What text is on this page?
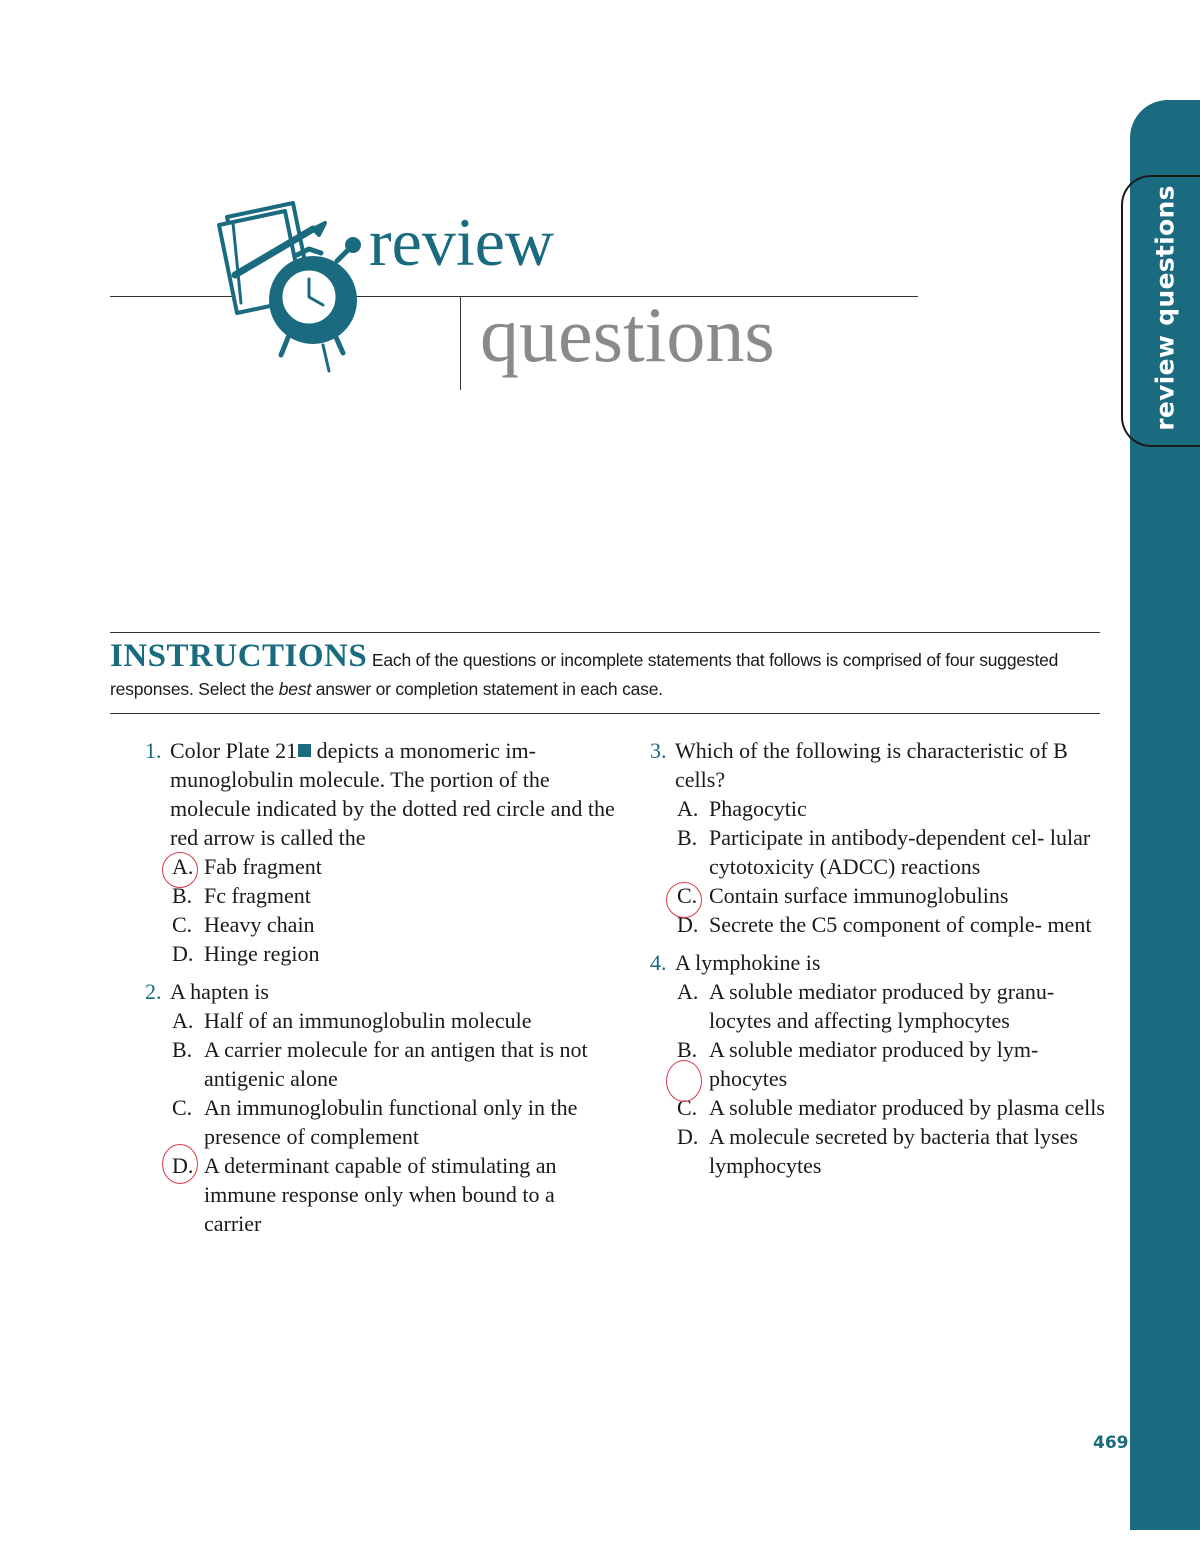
review questions
review
questions
INSTRUCTIONS Each of the questions or incomplete statements that follows is comprised of four suggested responses. Select the best answer or completion statement in each case.
1. Color Plate 21 depicts a monomeric im- munoglobulin molecule. The portion of the molecule indicated by the dotted red circle and the red arrow is called the
A. Fab fragment
B. Fc fragment
C. Heavy chain
D. Hinge region
2. A hapten is
A. Half of an immunoglobulin molecule
B. A carrier molecule for an antigen that is not antigenic alone
C. An immunoglobulin functional only in the presence of complement
D. A determinant capable of stimulating an immune response only when bound to a carrier
3. Which of the following is characteristic of B cells?
A. Phagocytic
B. Participate in antibody-dependent cel- lular cytotoxicity (ADCC) reactions
C. Contain surface immunoglobulins
D. Secrete the C5 component of comple- ment
4. A lymphokine is
A. A soluble mediator produced by granu- locytes and affecting lymphocytes
B. A soluble mediator produced by lym- phocytes
C. A soluble mediator produced by plasma cells
D. A molecule secreted by bacteria that lyses lymphocytes
469
